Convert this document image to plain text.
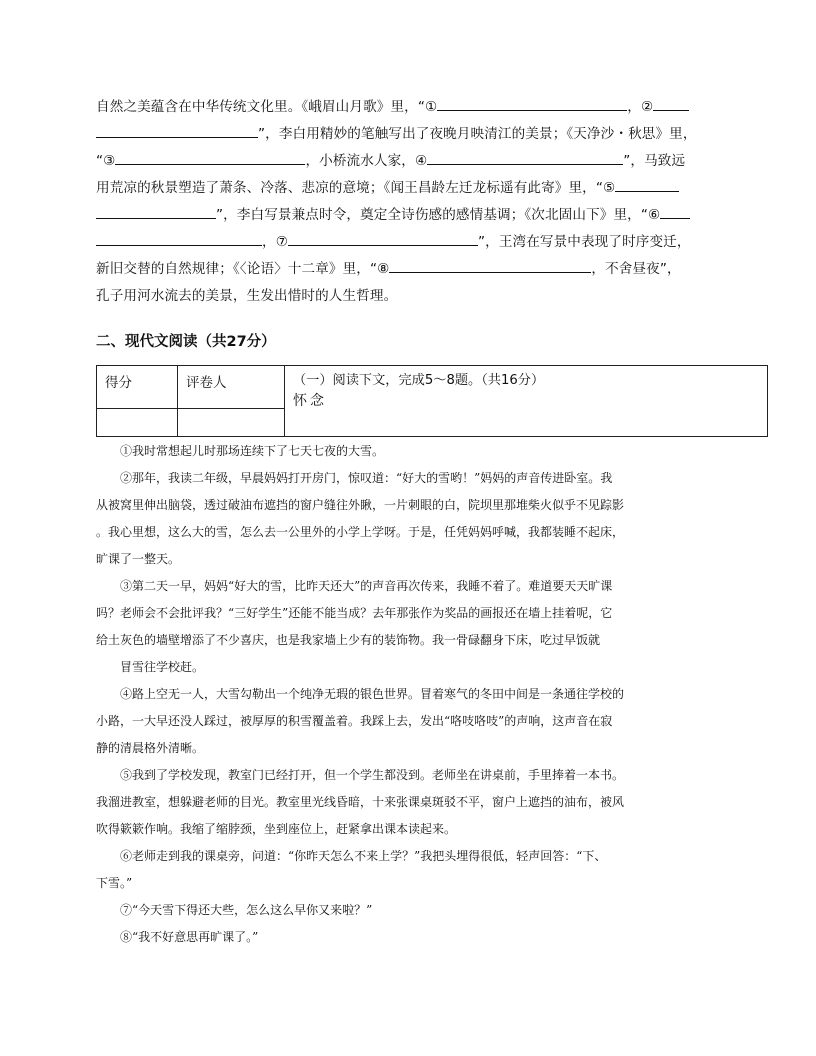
自然之美蕴含在中华传统文化里。《峨眉山月歌》里，“①	，②
”，李白用精妙的笔触写出了夜晚月映清江的美景；《天净沙・秋思》里，
“③	，小桥流水人家，④	”，马致远
用荒凉的秋景塑造了萧条、冷落、悲凉的意境；《闻王昌龄左迁龙标遥有此寄》里，“⑤
”，李白写景兼点时令，奠定全诗伤感的感情基调；《次北固山下》里，“⑥
，⑦	”，王湾在写景中表现了时序变迁，
新旧交替的自然规律；《〈论语〉十二章》里，“⑧	，不舍昼夜”，
孔子用河水流去的美景，生发出惜时的人生哲理。
二、现代文阅读（共27分）
得分	评卷人	（一）阅读下文，完成5～8题。（共16分）
怀念

①我时常想起儿时那场连续下了七天七夜的大雪。
②那年，我读二年级，早晨妈妈打开房门，惊叹道：“好大的雪哟！”妈妈的声音传进卧室。我
从被窝里伸出脑袋，透过破油布遮挡的窗户缝往外瞅，一片刺眼的白，院坝里那堆柴火似乎不见踪影
。我心里想，这么大的雪，怎么去一公里外的小学上学呀。于是，任凭妈妈呼喊，我都装睡不起床，
旷课了一整天。
③第二天一早，妈妈“好大的雪，比昨天还大”的声音再次传来，我睡不着了。难道要天天旷课
吗？老师会不会批评我？“三好学生”还能不能当成？去年那张作为奖品的画报还在墙上挂着呢，它
给土灰色的墙壁增添了不少喜庆，也是我家墙上少有的装饰物。我一骨碌翻身下床，吃过早饭就
冒雪往学校赶。
④路上空无一人，大雪勾勒出一个纯净无瑕的银色世界。冒着寒气的冬田中间是一条通往学校的
小路，一大早还没人踩过，被厚厚的积雪覆盖着。我踩上去，发出“咯吱咯吱”的声响，这声音在寂
静的清晨格外清晰。
⑤我到了学校发现，教室门已经打开，但一个学生都没到。老师坐在讲桌前，手里捧着一本书。
我溜进教室，想躲避老师的目光。教室里光线昏暗，十来张课桌斑驳不平，窗户上遮挡的油布，被风
吹得簌簌作响。我缩了缩脖颈，坐到座位上，赶紧拿出课本读起来。
⑥老师走到我的课桌旁，问道：“你昨天怎么不来上学？”我把头埋得很低，轻声回答：“下、
下雪。”
⑦“今天雪下得还大些，怎么这么早你又来啦？”
⑧“我不好意思再旷课了。”
